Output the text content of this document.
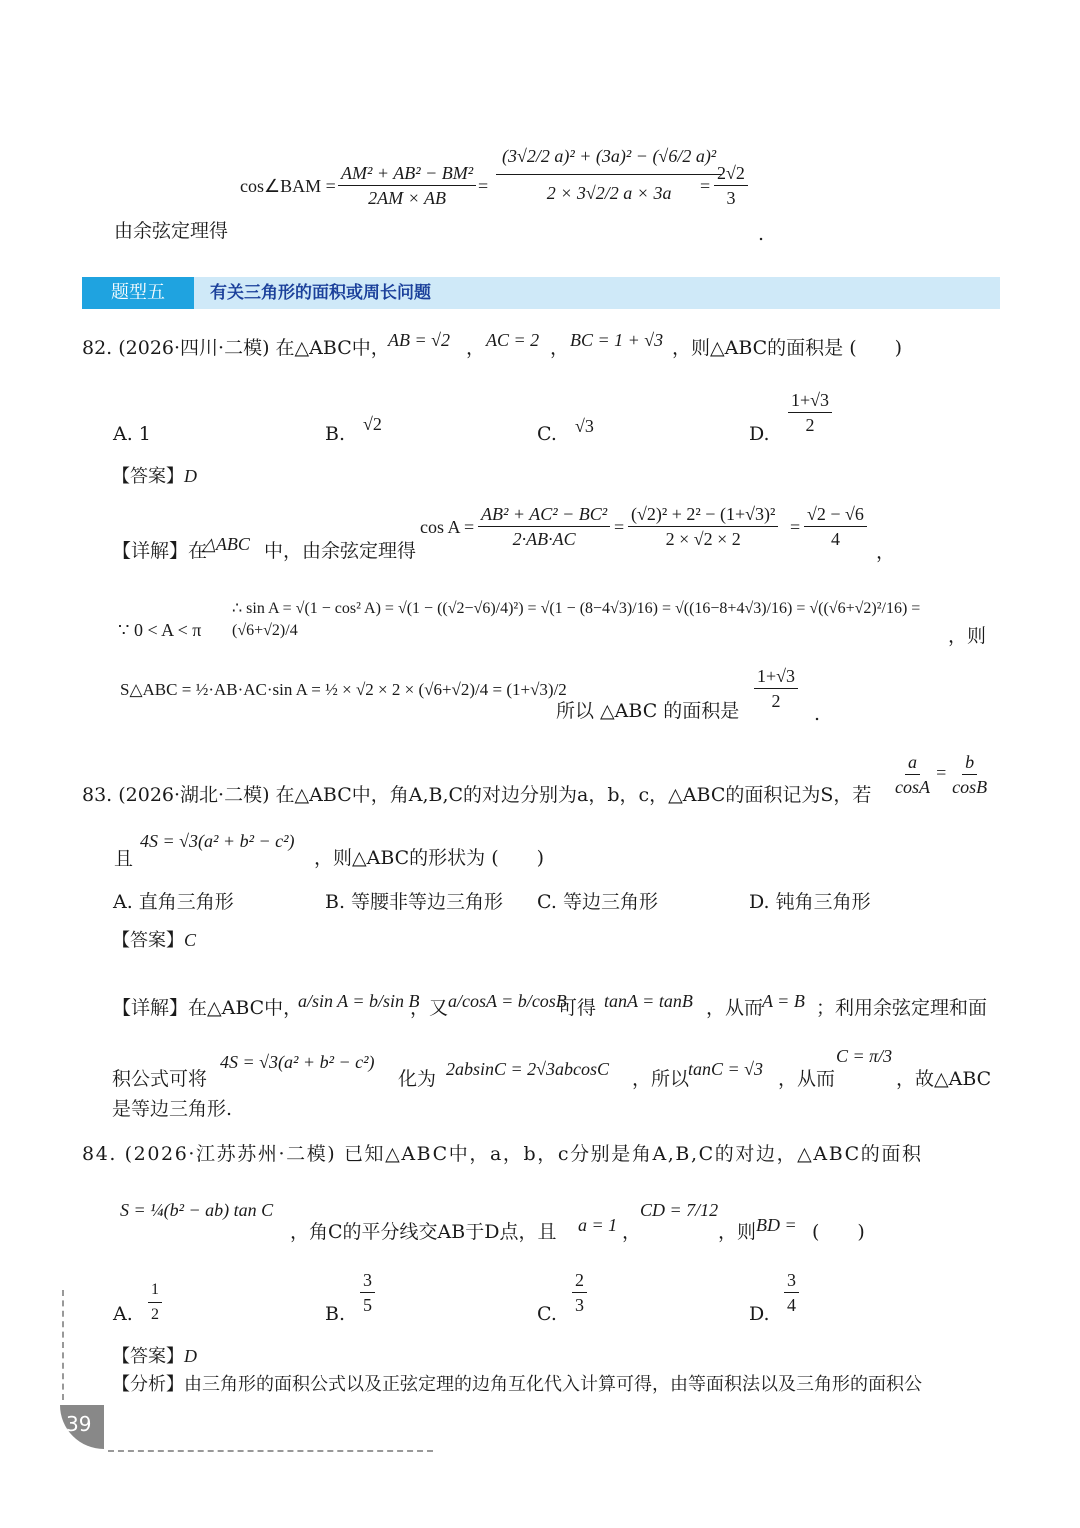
cos∠BAM = $\frac{\text{AM² + AB² − BM²}}{2AM \times AB} = \frac{\text{(3√2/2 a)² + (3a)² − (√6/2 a)²}}{2 \times 3√2/2 a \times 3a}$
= $\frac{2√2}{3}$
由余弦定理得	.
题型五	有关三角形的面积或周长问题
82. (2026·四川·二模) 在△ABC中，
AB = √2 ， AC = 2 ， BC = 1 + √3 ，则△ABC的面积是 (　　)
A. 1	B. √2	C. √3	D. $\frac{1+√3}{2}$
【答案】D
【详解】在
△ABC 中，由余弦定理得
$\cos A = \frac{\text{AB² + AC² − BC²}}{2\cdot AB\cdot AC} = \frac{\text{(√2)² + 2² − (1+√3)²}}{2 \times √2 \times 2} = \frac{√2 - √6}{4}$
，
∵ 0 < A < π
∴ sin A = √(1 − cos² A) = √(1 − ((√2−√6)/4)²) = √(1 − (8−4√3)/16) = √((16−8+4√3)/16) = √((√6+√2)²/16) = (√6+√2)/4	，则
S△ABC = ½·AB·AC·sin A = ½ × √2 × 2 × (√6+√2)/4 = (1+√3)/2
所以 △ABC 的面积是 $\frac{1+√3}{2}$
.
83. (2026·湖北·二模) 在△ABC中，角A,B,C的对边分别为a，b，c，△ABC的面积记为S，若 $\frac{a}{\cos A} = \frac{b}{\cos B}$
且
4S = √3(a² + b² − c²)
，则△ABC的形状为 (　　)
A. 直角三角形	B. 等腰非等边三角形 C. 等边三角形	D. 钝角三角形
【答案】C
【详解】在△ABC中，
a/sin A = b/sin B
，又 a/cosA = b/cosB
可得 tanA = tanB ，从而
A = B ；利用余弦定理和面
积公式可将
4S = √3(a² + b² − c²)
化为 2absinC = 2√3abcosC ，所以
tanC = √3 ，从而
C = π/3
，故△ABC
是等边三角形.
84. (2026·江苏苏州·二模) 已知△ABC中，a，b，c分别是角A,B,C的对边，△ABC的面积
S = ¼(b² − ab) tan C
，角C的平分线交AB于D点，且 a = 1 ，
CD = 7/12
，则 BD = (　　)
A. $\frac{1}{2}$	B. $\frac{3}{5}$	C. $\frac{2}{3}$	D. $\frac{3}{4}$
【答案】D
【分析】由三角形的面积公式以及正弦定理的边角互化代入计算可得，由等面积法以及三角形的面积公
39
